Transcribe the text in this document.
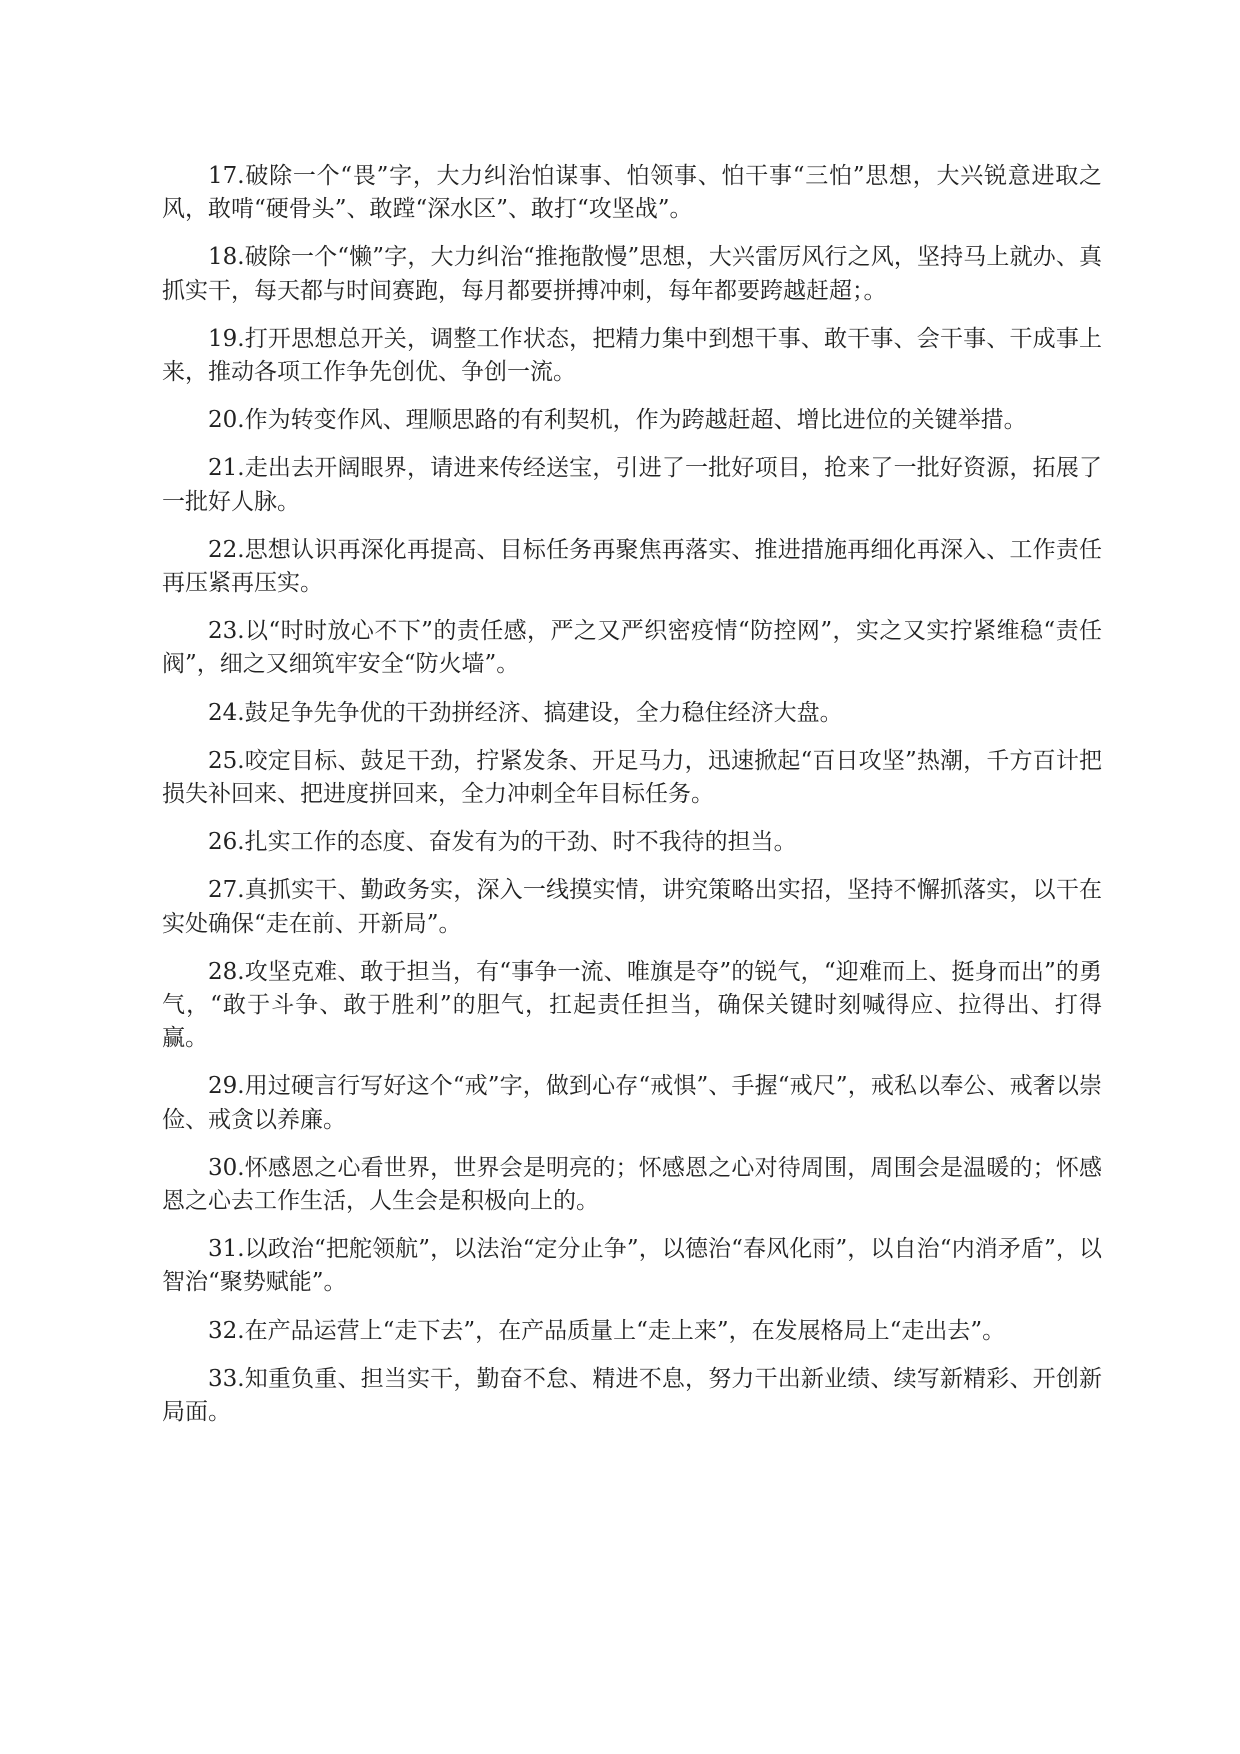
17.破除一个“畏”字，大力纠治怕谋事、怕领事、怕干事“三怕”思想，大兴锐意进取之风，敢啃“硬骨头”、敢蹚“深水区”、敢打“攻坚战”。

18.破除一个“懒”字，大力纠治“推拖散慢”思想，大兴雷厉风行之风，坚持马上就办、真抓实干，每天都与时间赛跑，每月都要拼搏冲刺，每年都要跨越赶超；。

19.打开思想总开关，调整工作状态，把精力集中到想干事、敢干事、会干事、干成事上来，推动各项工作争先创优、争创一流。

20.作为转变作风、理顺思路的有利契机，作为跨越赶超、增比进位的关键举措。

21.走出去开阔眼界，请进来传经送宝，引进了一批好项目，抢来了一批好资源，拓展了一批好人脉。

22.思想认识再深化再提高、目标任务再聚焦再落实、推进措施再细化再深入、工作责任再压紧再压实。

23.以“时时放心不下”的责任感，严之又严织密疫情“防控网”，实之又实拧紧维稳“责任阀”，细之又细筑牢安全“防火墙”。

24.鼓足争先争优的干劲拼经济、搞建设，全力稳住经济大盘。

25.咬定目标、鼓足干劲，拧紧发条、开足马力，迅速掀起“百日攻坚”热潮，千方百计把损失补回来、把进度拼回来，全力冲刺全年目标任务。

26.扎实工作的态度、奋发有为的干劲、时不我待的担当。

27.真抓实干、勤政务实，深入一线摸实情，讲究策略出实招，坚持不懈抓落实，以干在实处确保“走在前、开新局”。

28.攻坚克难、敢于担当，有“事争一流、唯旗是夺”的锐气，“迎难而上、挺身而出”的勇气，“敢于斗争、敢于胜利”的胆气，扛起责任担当，确保关键时刻喊得应、拉得出、打得赢。

29.用过硬言行写好这个“戒”字，做到心存“戒惧”、手握“戒尺”，戒私以奉公、戒奢以崇俭、戒贪以养廉。

30.怀感恩之心看世界，世界会是明亮的；怀感恩之心对待周围，周围会是温暖的；怀感恩之心去工作生活，人生会是积极向上的。

31.以政治“把舵领航”，以法治“定分止争”，以德治“春风化雨”，以自治“内消矛盾”，以智治“聚势赋能”。

32.在产品运营上“走下去”，在产品质量上“走上来”，在发展格局上“走出去”。

33.知重负重、担当实干，勤奋不怠、精进不息，努力干出新业绩、续写新精彩、开创新局面。
